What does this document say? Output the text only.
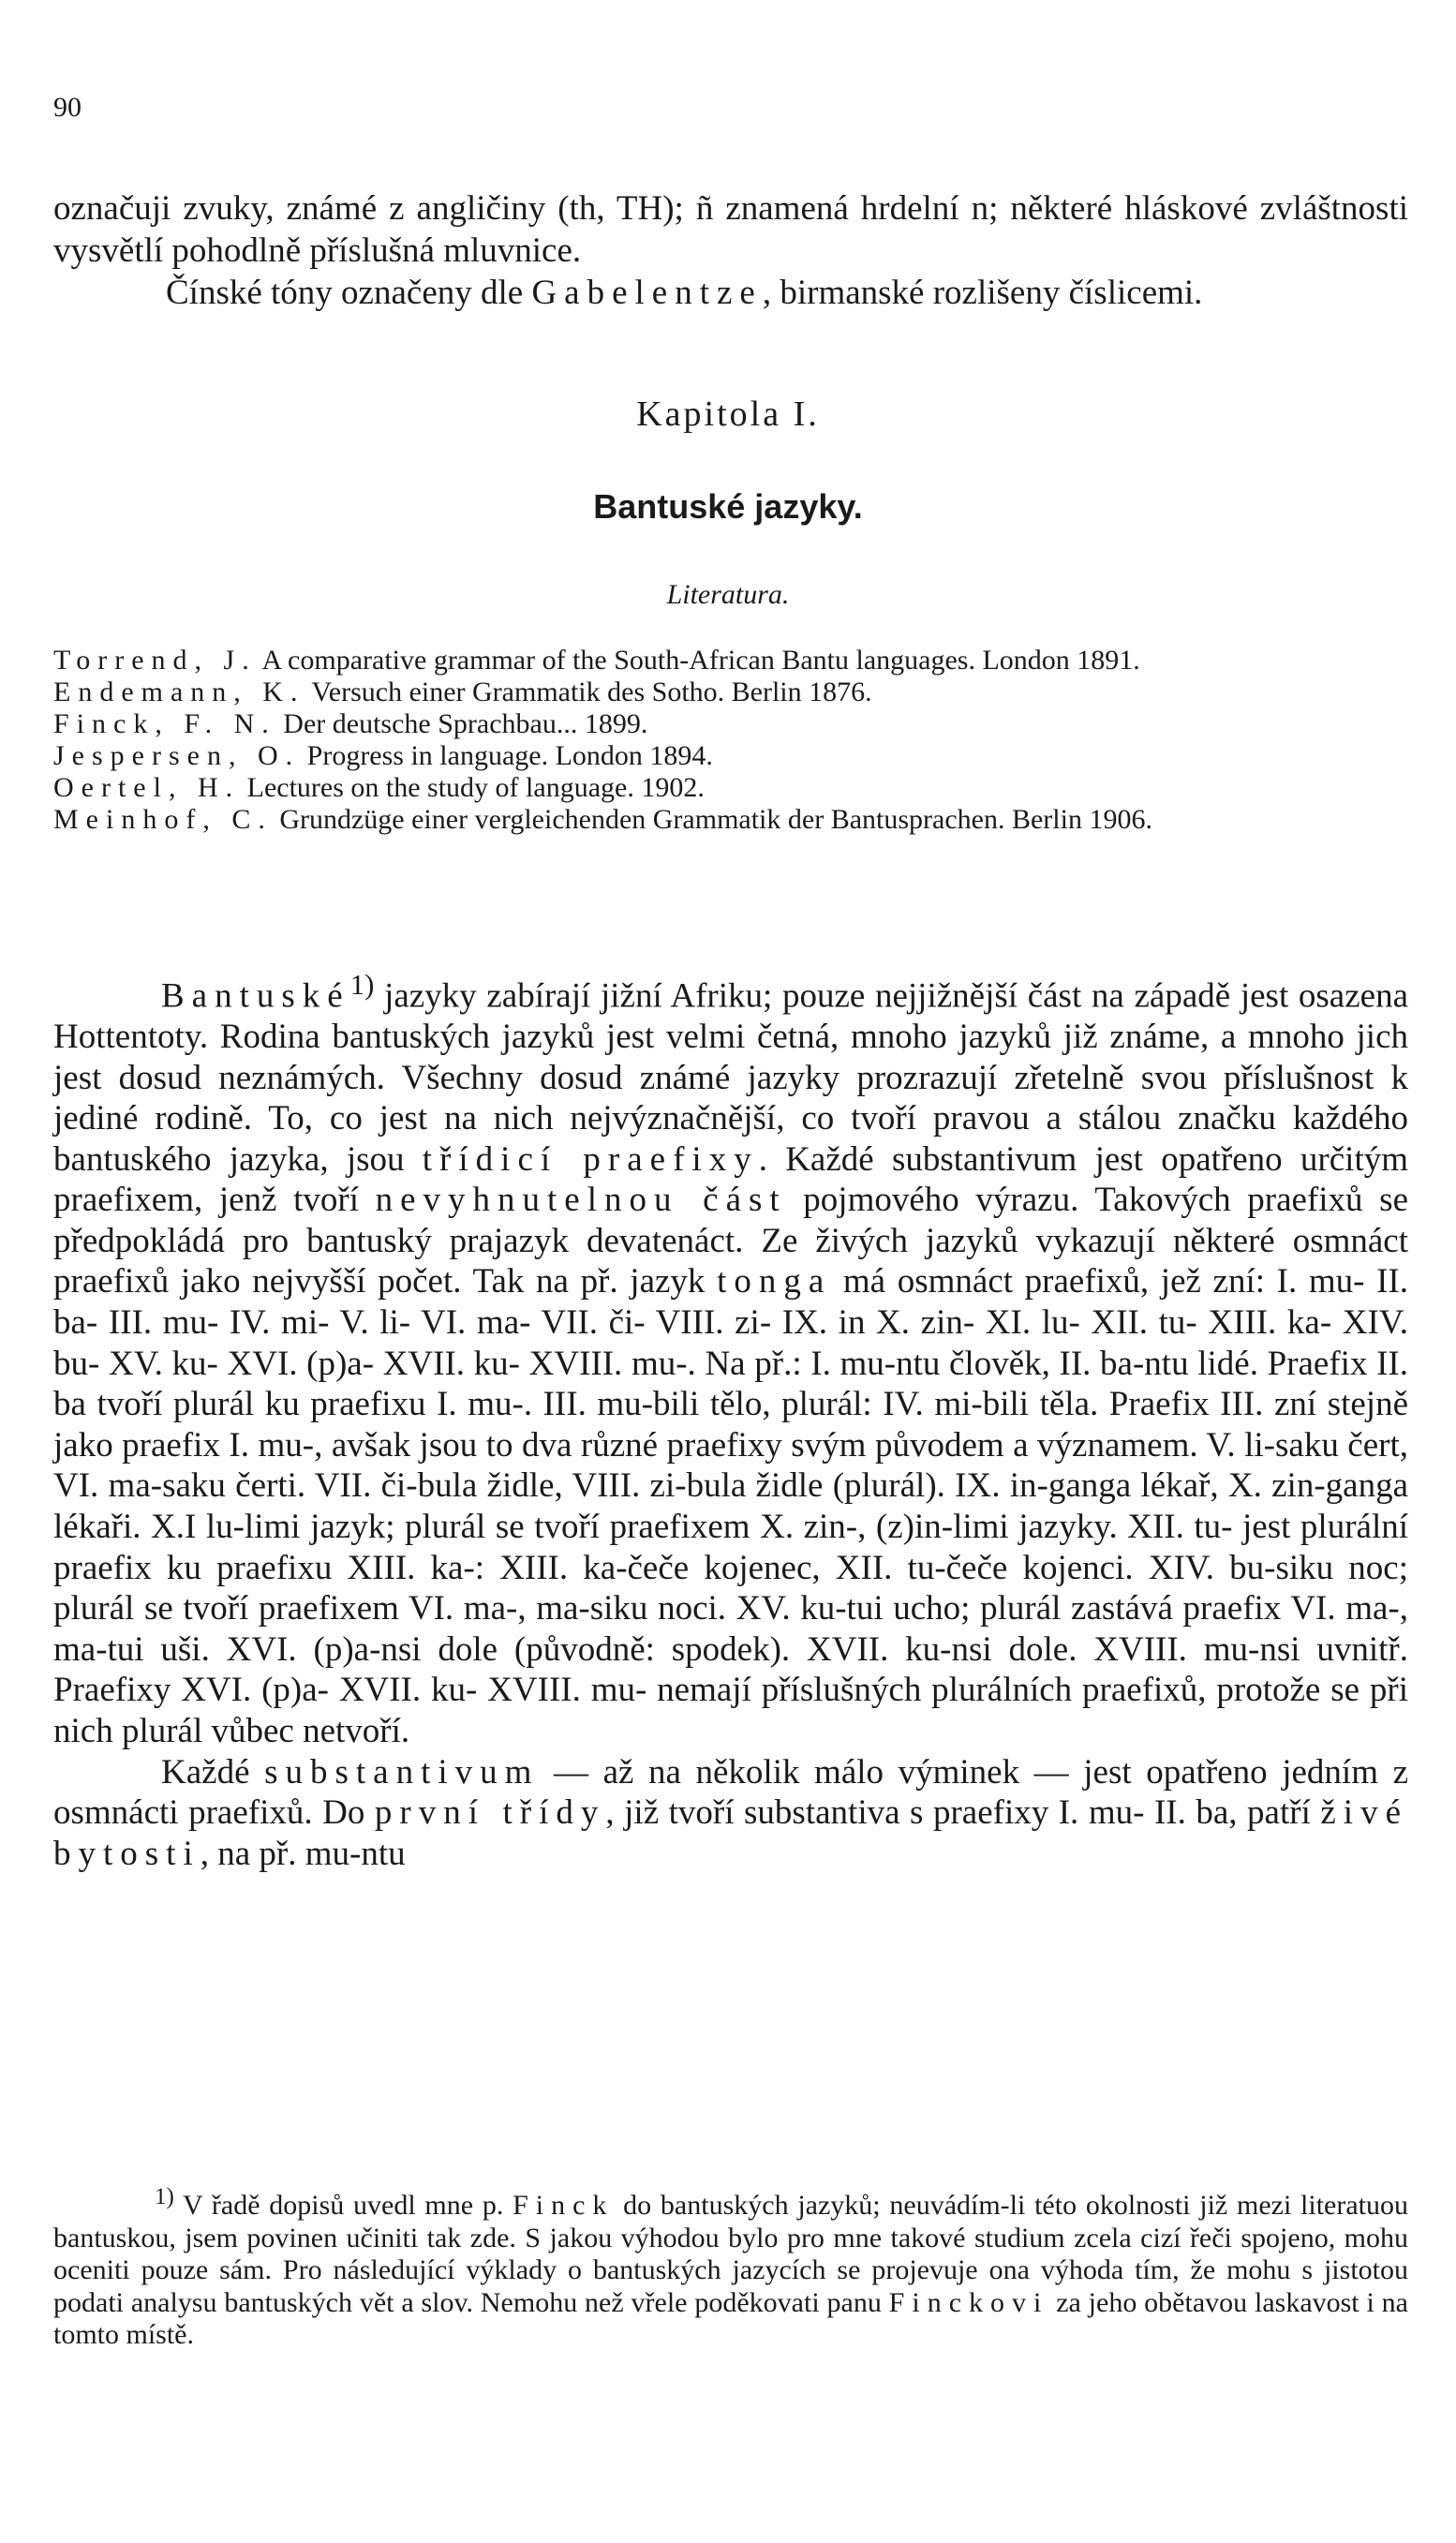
90

označuji zvuky, známé z angličiny (th, TH); ñ znamená hrdelní n; některé hláskové zvláštnosti vysvětlí pohodlně příslušná mluvnice.

Čínské tóny označeny dle Gabelentze, birmanské rozlišeny číslicemi.

Kapitola I.
Bantuské jazyky.
Literatura.

Torrend, J. A comparative grammar of the South-African Bantu languages. London 1891.

Endemann, K. Versuch einer Grammatik des Sotho. Berlin 1876.

Finck, F. N. Der deutsche Sprachbau... 1899.

Jespersen, O. Progress in language. London 1894.

Oertel, H. Lectures on the study of language. 1902.

Meinhof, C. Grundzüge einer vergleichenden Grammatik der Bantusprachen. Berlin 1906.

Bantuské$^{1)}$ jazyky zabírají jižní Afriku; pouze nejjižnější část na západě jest osazena Hottentoty. Rodina bantuských jazyků jest velmi četná, mnoho jazyků již známe, a mnoho jich jest dosud neznámých. Všechny dosud známé jazyky prozrazují zřetelně svou příslušnost k jediné rodině. To, co jest na nich nejvýznačnější, co tvoří pravou a stálou značku každého bantuského jazyka, jsou třídicí praefixy. Každé substantivum jest opatřeno určitým praefixem, jenž tvoří nevyhnutelnou část pojmového výrazu. Takových praefixů se předpokládá pro bantuský prajazyk devatenáct. Ze živých jazyků vykazují některé osmnáct praefixů jako nejvyšší počet. Tak na př. jazyk tonga má osmnáct praefixů, jež zní: I. mu- II. ba- III. mu- IV. mi- V. li- VI. ma- VII. či- VIII. zi- IX. in X. zin- XI. lu- XII. tu- XIII. ka- XIV. bu- XV. ku- XVI. (p)a- XVII. ku- XVIII. mu-. Na př.: I. mu-ntu člověk, II. ba-ntu lidé. Praefix II. ba tvoří plurál ku praefixu I. mu-. III. mu-bili tělo, plurál: IV. mi-bili těla. Praefix III. zní stejně jako praefix I. mu-, avšak jsou to dva různé praefixy svým původem a významem. V. li-saku čert, VI. ma-saku čerti. VII. či-bula židle, VIII. zi-bula židle (plurál). IX. in-ganga lékař, X. zin-ganga lékaři. X.I lu-limi jazyk; plurál se tvoří praefixem X. zin-, (z)in-limi jazyky. XII. tu- jest plurální praefix ku praefixu XIII. ka-: XIII. ka-čeče kojenec, XII. tu-čeče kojenci. XIV. bu-siku noc; plurál se tvoří praefixem VI. ma-, ma-siku noci. XV. ku-tui ucho; plurál zastává praefix VI. ma-, ma-tui uši. XVI. (p)a-nsi dole (původně: spodek). XVII. ku-nsi dole. XVIII. mu-nsi uvnitř. Praefixy XVI. (p)a- XVII. ku- XVIII. mu- nemají příslušných plurálních praefixů, protože se při nich plurál vůbec netvoří.

Každé substantivum — až na několik málo výminek — jest opatřeno jedním z osmnácti praefixů. Do první třídy, již tvoří substantiva s praefixy I. mu- II. ba, patří živé bytosti, na př. mu-ntu

$^{1)}$ V řadě dopisů uvedl mne p. Finck do bantuských jazyků; neuvádím-li této okolnosti již mezi literatuou bantuskou, jsem povinen učiniti tak zde. S jakou výhodou bylo pro mne takové studium zcela cizí řeči spojeno, mohu oceniti pouze sám. Pro následující výklady o bantuských jazycích se projevuje ona výhoda tím, že mohu s jistotou podati analysu bantuských vět a slov. Nemohu než vřele poděkovati panu Finckovi za jeho obětavou laskavost i na tomto místě.
